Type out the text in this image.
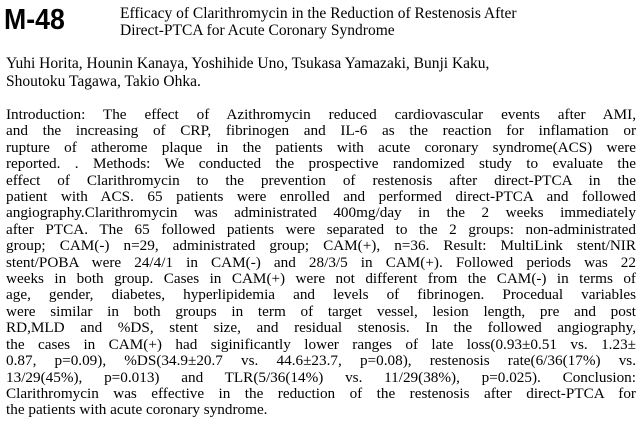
M-48	Efficacy of Clarithromycin in the Reduction of Restenosis After
Direct-PTCA for Acute Coronary Syndrome
Yuhi Horita, Hounin Kanaya, Yoshihide Uno, Tsukasa Yamazaki, Bunji Kaku,
Shoutoku Tagawa, Takio Ohka.
Introduction: The effect of Azithromycin reduced cardiovascular events after AMI,
and the increasing of CRP, fibrinogen and IL-6 as the reaction for inflamation or
rupture of atherome plaque in the patients with acute coronary syndrome(ACS) were
reported. . Methods: We conducted the prospective randomized study to evaluate the
effect of Clarithromycin to the prevention of restenosis after direct-PTCA in the
patient with ACS. 65 patients were enrolled and performed direct-PTCA and followed
angiography.Clarithromycin was administrated 400mg/day in the 2 weeks immediately
after PTCA. The 65 followed patients were separated to the 2 groups: non-administrated
group; CAM(-) n=29, administrated group; CAM(+), n=36. Result: MultiLink stent/NIR
stent/POBA were 24/4/1 in CAM(-) and 28/3/5 in CAM(+). Followed periods was 22
weeks in both group. Cases in CAM(+) were not different from the CAM(-) in terms of
age, gender, diabetes, hyperlipidemia and levels of fibrinogen. Procedual variables
were similar in both groups in term of target vessel, lesion length, pre and post
RD,MLD and %DS, stent size, and residual stenosis. In the followed angiography,
the cases in CAM(+) had siginificantly lower ranges of late loss(0.93±0.51 vs. 1.23±
0.87, p=0.09), %DS(34.9±20.7 vs. 44.6±23.7, p=0.08), restenosis rate(6/36(17%) vs.
13/29(45%), p=0.013) and TLR(5/36(14%) vs. 11/29(38%), p=0.025). Conclusion:
Clarithromycin was effective in the reduction of the restenosis after direct-PTCA for
the patients with acute coronary syndrome.
